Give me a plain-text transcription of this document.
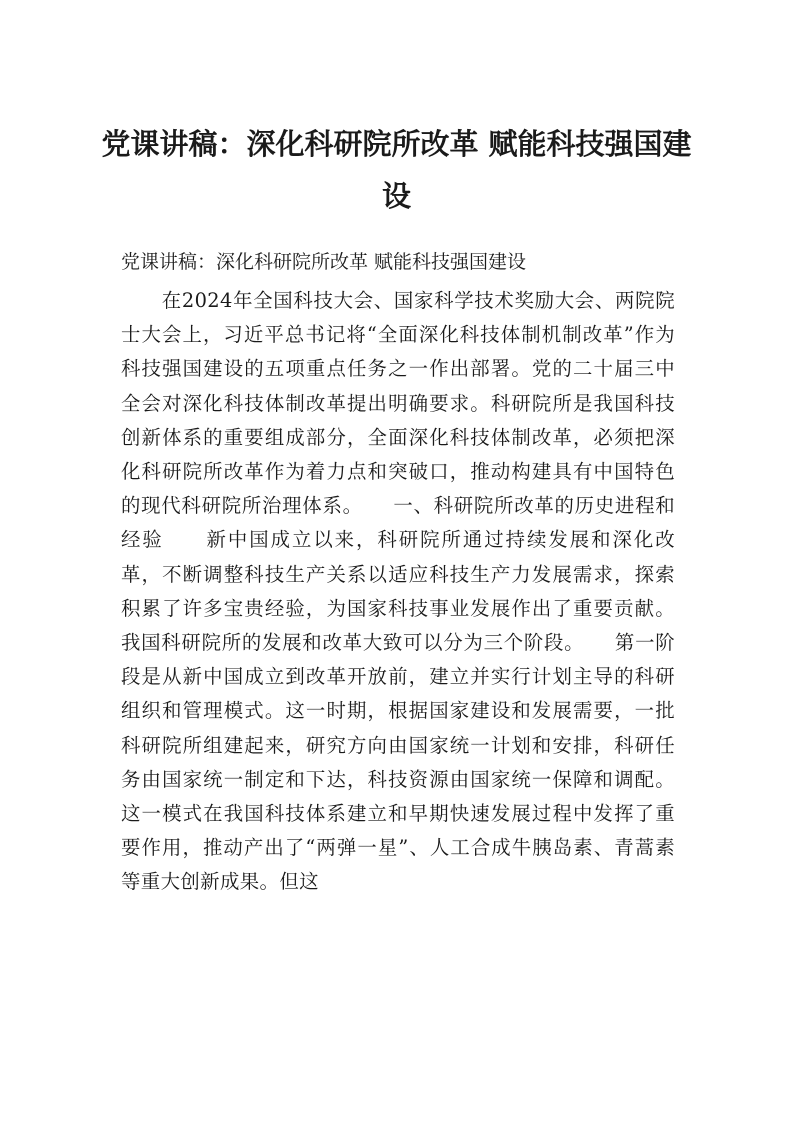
党课讲稿：深化科研院所改革 赋能科技强国建设

党课讲稿：深化科研院所改革 赋能科技强国建设

在2024年全国科技大会、国家科学技术奖励大会、两院院士大会上，习近平总书记将“全面深化科技体制机制改革”作为科技强国建设的五项重点任务之一作出部署。党的二十届三中全会对深化科技体制改革提出明确要求。科研院所是我国科技创新体系的重要组成部分，全面深化科技体制改革，必须把深化科研院所改革作为着力点和突破口，推动构建具有中国特色的现代科研院所治理体系。　　一、科研院所改革的历史进程和经验　　新中国成立以来，科研院所通过持续发展和深化改革，不断调整科技生产关系以适应科技生产力发展需求，探索积累了许多宝贵经验，为国家科技事业发展作出了重要贡献。我国科研院所的发展和改革大致可以分为三个阶段。　　第一阶段是从新中国成立到改革开放前，建立并实行计划主导的科研组织和管理模式。这一时期，根据国家建设和发展需要，一批科研院所组建起来，研究方向由国家统一计划和安排，科研任务由国家统一制定和下达，科技资源由国家统一保障和调配。这一模式在我国科技体系建立和早期快速发展过程中发挥了重要作用，推动产出了“两弹一星”、人工合成牛胰岛素、青蒿素等重大创新成果。但这
